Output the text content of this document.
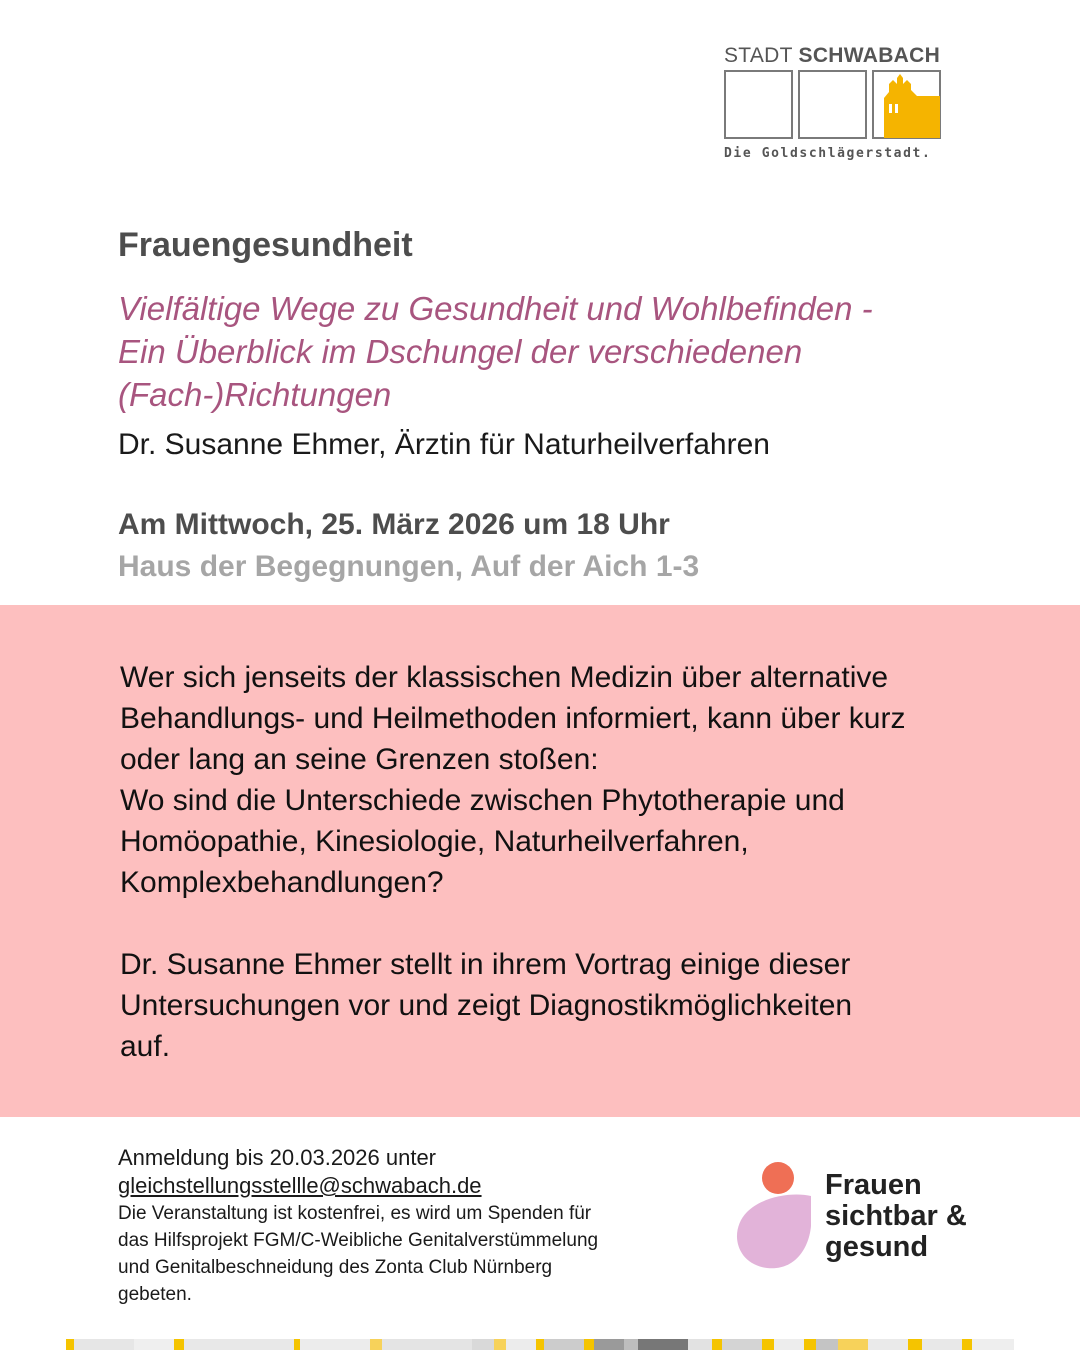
STADT SCHWABACH
Die Goldschlägerstadt.
Frauengesundheit
Vielfältige Wege zu Gesundheit und Wohlbefinden -
Ein Überblick im Dschungel der verschiedenen
(Fach-)Richtungen
Dr. Susanne Ehmer, Ärztin für Naturheilverfahren
Am Mittwoch, 25. März 2026 um 18 Uhr
Haus der Begegnungen, Auf der Aich 1-3
Wer sich jenseits der klassischen Medizin über alternative
Behandlungs- und Heilmethoden informiert, kann über kurz
oder lang an seine Grenzen stoßen:
Wo sind die Unterschiede zwischen Phytotherapie und
Homöopathie, Kinesiologie, Naturheilverfahren,
Komplexbehandlungen?
Dr. Susanne Ehmer stellt in ihrem Vortrag einige dieser
Untersuchungen vor und zeigt Diagnostikmöglichkeiten
auf.
Anmeldung bis 20.03.2026 unter
gleichstellungsstellle@schwabach.de
Die Veranstaltung ist kostenfrei, es wird um Spenden für
das Hilfsprojekt FGM/C-Weibliche Genitalverstümmelung
und Genitalbeschneidung des Zonta Club Nürnberg
gebeten.
Frauen
sichtbar &
gesund
